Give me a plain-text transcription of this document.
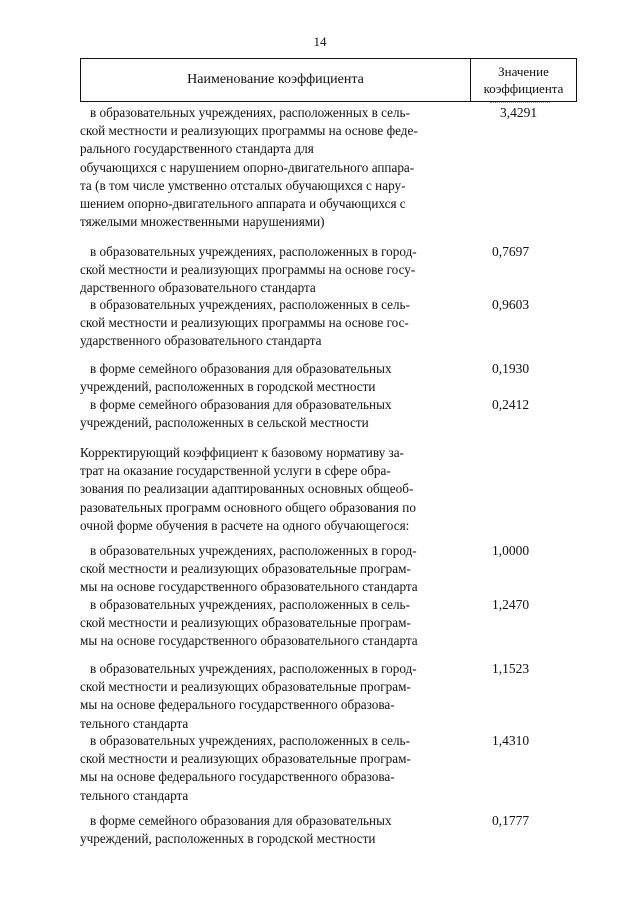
14
Наименование коэффициента
Значение
коэффициента
в образовательных учреждениях, расположенных в сель-
ской местности и реализующих программы на основе феде-
рального государственного стандарта для
обучающихся с нарушением опорно-двигательного аппара-
та (в том числе умственно отсталых обучающихся с нару-
шением опорно-двигательного аппарата и обучающихся с
тяжелыми множественными нарушениями)
3,4291
в образовательных учреждениях, расположенных в город-
ской местности и реализующих программы на основе госу-
дарственного образовательного стандарта
0,7697
в образовательных учреждениях, расположенных в сель-
ской местности и реализующих программы на основе гос-
ударственного образовательного стандарта
0,9603
в форме семейного образования для образовательных
учреждений, расположенных в городской местности
0,1930
в форме семейного образования для образовательных
учреждений, расположенных в сельской местности
0,2412
Корректирующий коэффициент к базовому нормативу за-
трат на оказание государственной услуги в сфере обра-
зования по реализации адаптированных основных общеоб-
разовательных программ основного общего образования по
очной форме обучения в расчете на одного обучающегося:
в образовательных учреждениях, расположенных в город-
ской местности и реализующих образовательные програм-
мы на основе государственного образовательного стандарта
1,0000
в образовательных учреждениях, расположенных в сель-
ской местности и реализующих образовательные програм-
мы на основе государственного образовательного стандарта
1,2470
в образовательных учреждениях, расположенных в город-
ской местности и реализующих образовательные програм-
мы на основе федерального государственного образова-
тельного стандарта
1,1523
в образовательных учреждениях, расположенных в сель-
ской местности и реализующих образовательные програм-
мы на основе федерального государственного образова-
тельного стандарта
1,4310
в форме семейного образования для образовательных
учреждений, расположенных в городской местности
0,1777
